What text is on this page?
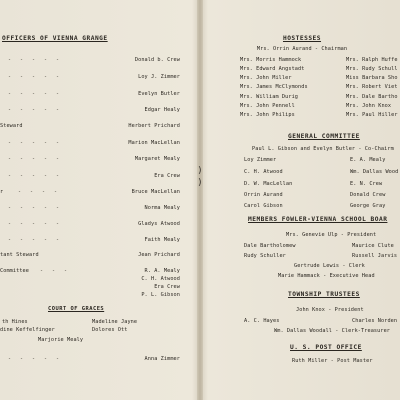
OFFICERS OF VIENNA GRANGE
-----	Donald b. Crew
-----	Loy J. Zimmer
-----	Evelyn Butler
-----	Edgar Healy
Steward	Herbert Prichard
-----	Marion MacLellan
-----	Margaret Mealy
-----	Era Crew
r	----	Bruce MacLellan
-----	Norma Mealy
-----	Gladys Atwood
-----	Faith Mealy
tant Steward	Jean Prichard
Committee ---	R. A. Mealy
C. H. Atwood
Era Crew
P. L. Gibson
COURT OF GRACES
th Hines	Madeline Jayne
dine Keffelfinger	Dolores Ott
Marjorie Mealy
-----	Anna Zimmer
)
)
HOSTESSES
Mrs. Orrin Aurand - Chairman
Mrs. Morris Hammock	Mrs. Ralph Huffe
Mrs. Edward Angstadt	Mrs. Rudy Schull
Mrs. John Miller	Miss Barbara Sho
Mrs. James McClymonds	Mrs. Robert Viet
Mrs. William Durig	Mrs. Dale Bartho
Mrs. John Pennell	Mrs. John Knox
Mrs. John Philips	Mrs. Paul Hiller
GENERAL COMMITTEE
Paul L. Gibson and Evelyn Butler - Co-Chairm
Loy Zimmer	E. A. Mealy
C. H. Atwood	Wm. Dallas Wood
D. W. MacLellan	E. N. Crew
Orrin Aurand	Donald Crew
Carol Gibson	George Gray
MEMBERS FOWLER-VIENNA SCHOOL BOAR
Mrs. Genevie Ulp - President
Dale Bartholomew	Maurice Clute
Rudy Schuller	Russell Jarvis
Gertrude Lewis - Clerk
Marie Hammack - Executive Head
TOWNSHIP TRUSTEES
John Knox - President
A. C. Hayes	Charles Norden
Wm. Dallas Woodall - Clerk-Treasurer
U. S. POST OFFICE
Ruth Miller - Post Master
